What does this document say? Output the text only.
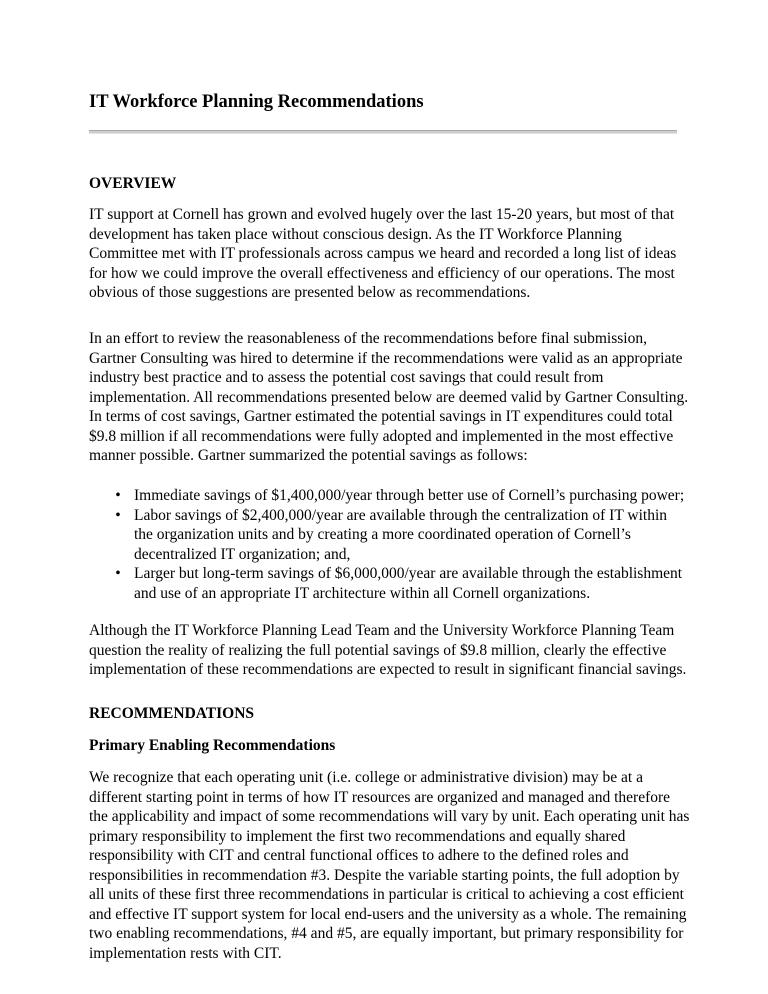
IT Workforce Planning Recommendations
OVERVIEW

IT support at Cornell has grown and evolved hugely over the last 15-20 years, but most of that
development has taken place without conscious design. As the IT Workforce Planning
Committee met with IT professionals across campus we heard and recorded a long list of ideas
for how we could improve the overall effectiveness and efficiency of our operations. The most
obvious of those suggestions are presented below as recommendations.

In an effort to review the reasonableness of the recommendations before final submission,
Gartner Consulting was hired to determine if the recommendations were valid as an appropriate
industry best practice and to assess the potential cost savings that could result from
implementation. All recommendations presented below are deemed valid by Gartner Consulting.
In terms of cost savings, Gartner estimated the potential savings in IT expenditures could total
$9.8 million if all recommendations were fully adopted and implemented in the most effective
manner possible. Gartner summarized the potential savings as follows:

• Immediate savings of $1,400,000/year through better use of Cornell’s purchasing power;
• Labor savings of $2,400,000/year are available through the centralization of IT within
the organization units and by creating a more coordinated operation of Cornell’s
decentralized IT organization; and,
• Larger but long-term savings of $6,000,000/year are available through the establishment
and use of an appropriate IT architecture within all Cornell organizations.

Although the IT Workforce Planning Lead Team and the University Workforce Planning Team
question the reality of realizing the full potential savings of $9.8 million, clearly the effective
implementation of these recommendations are expected to result in significant financial savings.

RECOMMENDATIONS
Primary Enabling Recommendations

We recognize that each operating unit (i.e. college or administrative division) may be at a
different starting point in terms of how IT resources are organized and managed and therefore
the applicability and impact of some recommendations will vary by unit. Each operating unit has
primary responsibility to implement the first two recommendations and equally shared
responsibility with CIT and central functional offices to adhere to the defined roles and
responsibilities in recommendation #3. Despite the variable starting points, the full adoption by
all units of these first three recommendations in particular is critical to achieving a cost efficient
and effective IT support system for local end-users and the university as a whole. The remaining
two enabling recommendations, #4 and #5, are equally important, but primary responsibility for
implementation rests with CIT.
